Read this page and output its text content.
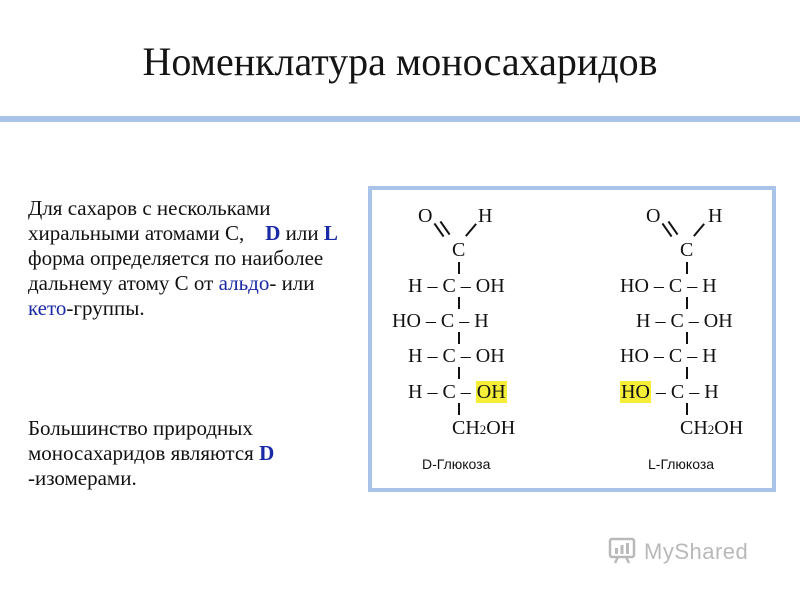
Номенклатура моносахаридов
Для сахаров с нескольками хиральными атомами С, D или L форма определяется по наиболее дальнему атому С от альдо- или кето-группы.
Большинство природных моносахаридов являются D -изомерами.
O H
C
H – C – OH
HO – C – H
H – C – OH
H – C – OH
CH2OH
D-Глюкоза
O H
C
HO – C – H
H – C – OH
HO – C – H
HO – C – H
CH2OH
L-Глюкоза
MyShared
